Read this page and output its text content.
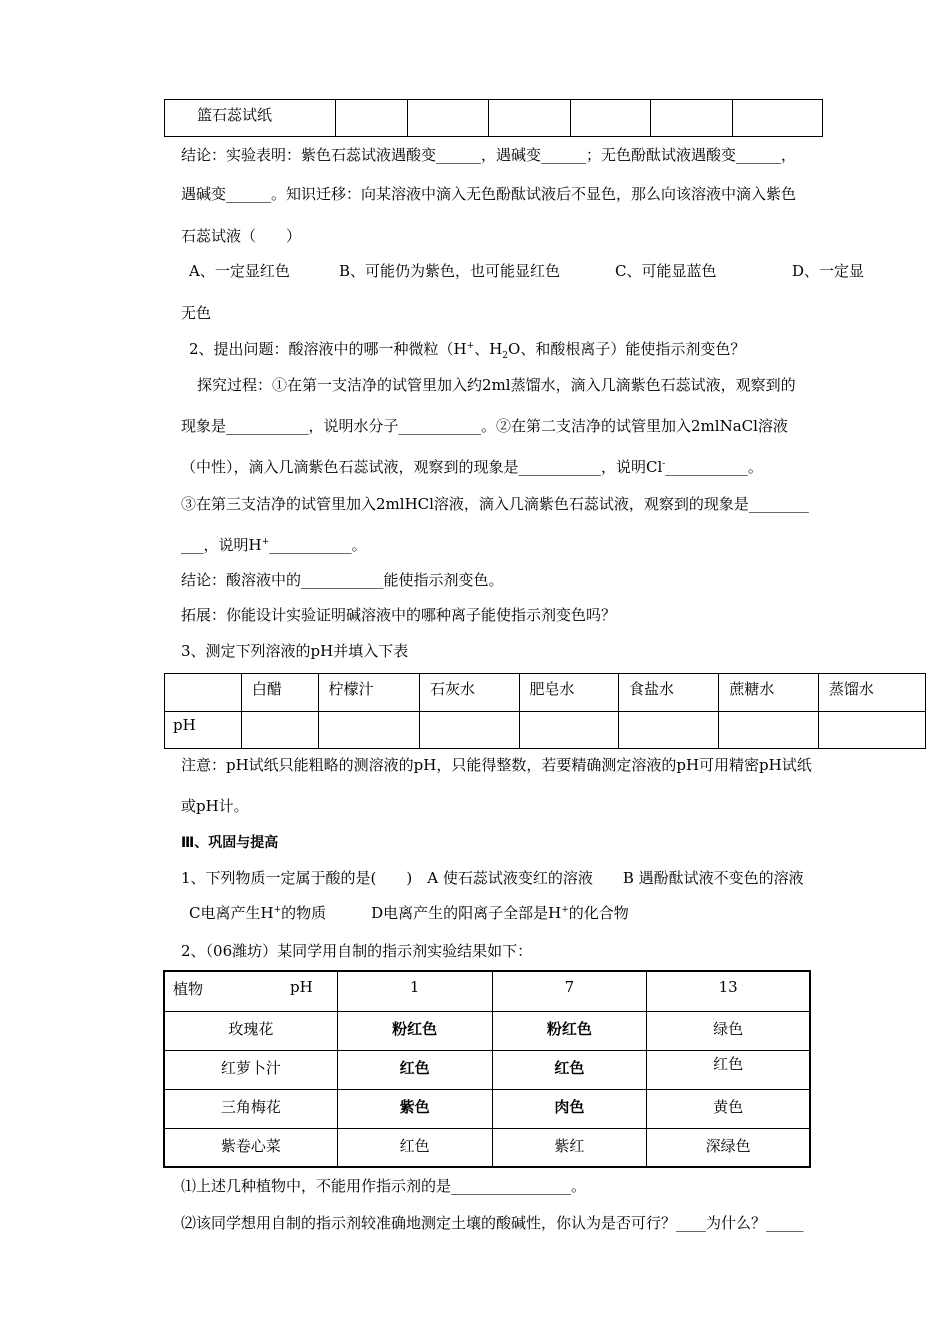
篮石蕊试纸						
结论：实验表明：紫色石蕊试液遇酸变______，遇碱变______；无色酚酞试液遇酸变______，
遇碱变______。知识迁移：向某溶液中滴入无色酚酞试液后不显色，那么向该溶液中滴入紫色
石蕊试液（　　）
A、一定显红色	B、可能仍为紫色，也可能显红色	C、可能显蓝色	D、一定显
无色
2、提出问题：酸溶液中的哪一种微粒（H+、$H_2O$、和酸根离子）能使指示剂变色？
探究过程：①在第一支洁净的试管里加入约2ml蒸馏水，滴入几滴紫色石蕊试液，观察到的
现象是___________，说明水分子___________。②在第二支洁净的试管里加入2mlNaCl溶液
（中性），滴入几滴紫色石蕊试液，观察到的现象是___________，说明Cl-___________。
③在第三支洁净的试管里加入2mlHCl溶液，滴入几滴紫色石蕊试液，观察到的现象是________
___，说明H+___________。
结论：酸溶液中的___________能使指示剂变色。
拓展：你能设计实验证明碱溶液中的哪种离子能使指示剂变色吗？
3、测定下列溶液的pH并填入下表
	白醋	柠檬汁	石灰水	肥皂水	食盐水	蔗糖水	蒸馏水
pH							
注意：pH试纸只能粗略的测溶液的pH，只能得整数，若要精确测定溶液的pH可用精密pH试纸
或pH计。
Ⅲ、巩固与提高
1、下列物质一定属于酸的是(　　)　A 使石蕊试液变红的溶液　　B 遇酚酞试液不变色的溶液
C电离产生H+的物质　　　D电离产生的阳离子全部是H+的化合物
2、（06潍坊）某同学用自制的指示剂实验结果如下：
植物 pH	1	7	13
玫瑰花	粉红色	粉红色	绿色
红萝卜汁	红色	红色	红色
三角梅花	紫色	肉色	黄色
紫卷心菜	红色	紫红	深绿色
⑴上述几种植物中，不能用作指示剂的是________________。
⑵该同学想用自制的指示剂较准确地测定土壤的酸碱性，你认为是否可行？____为什么？_____
